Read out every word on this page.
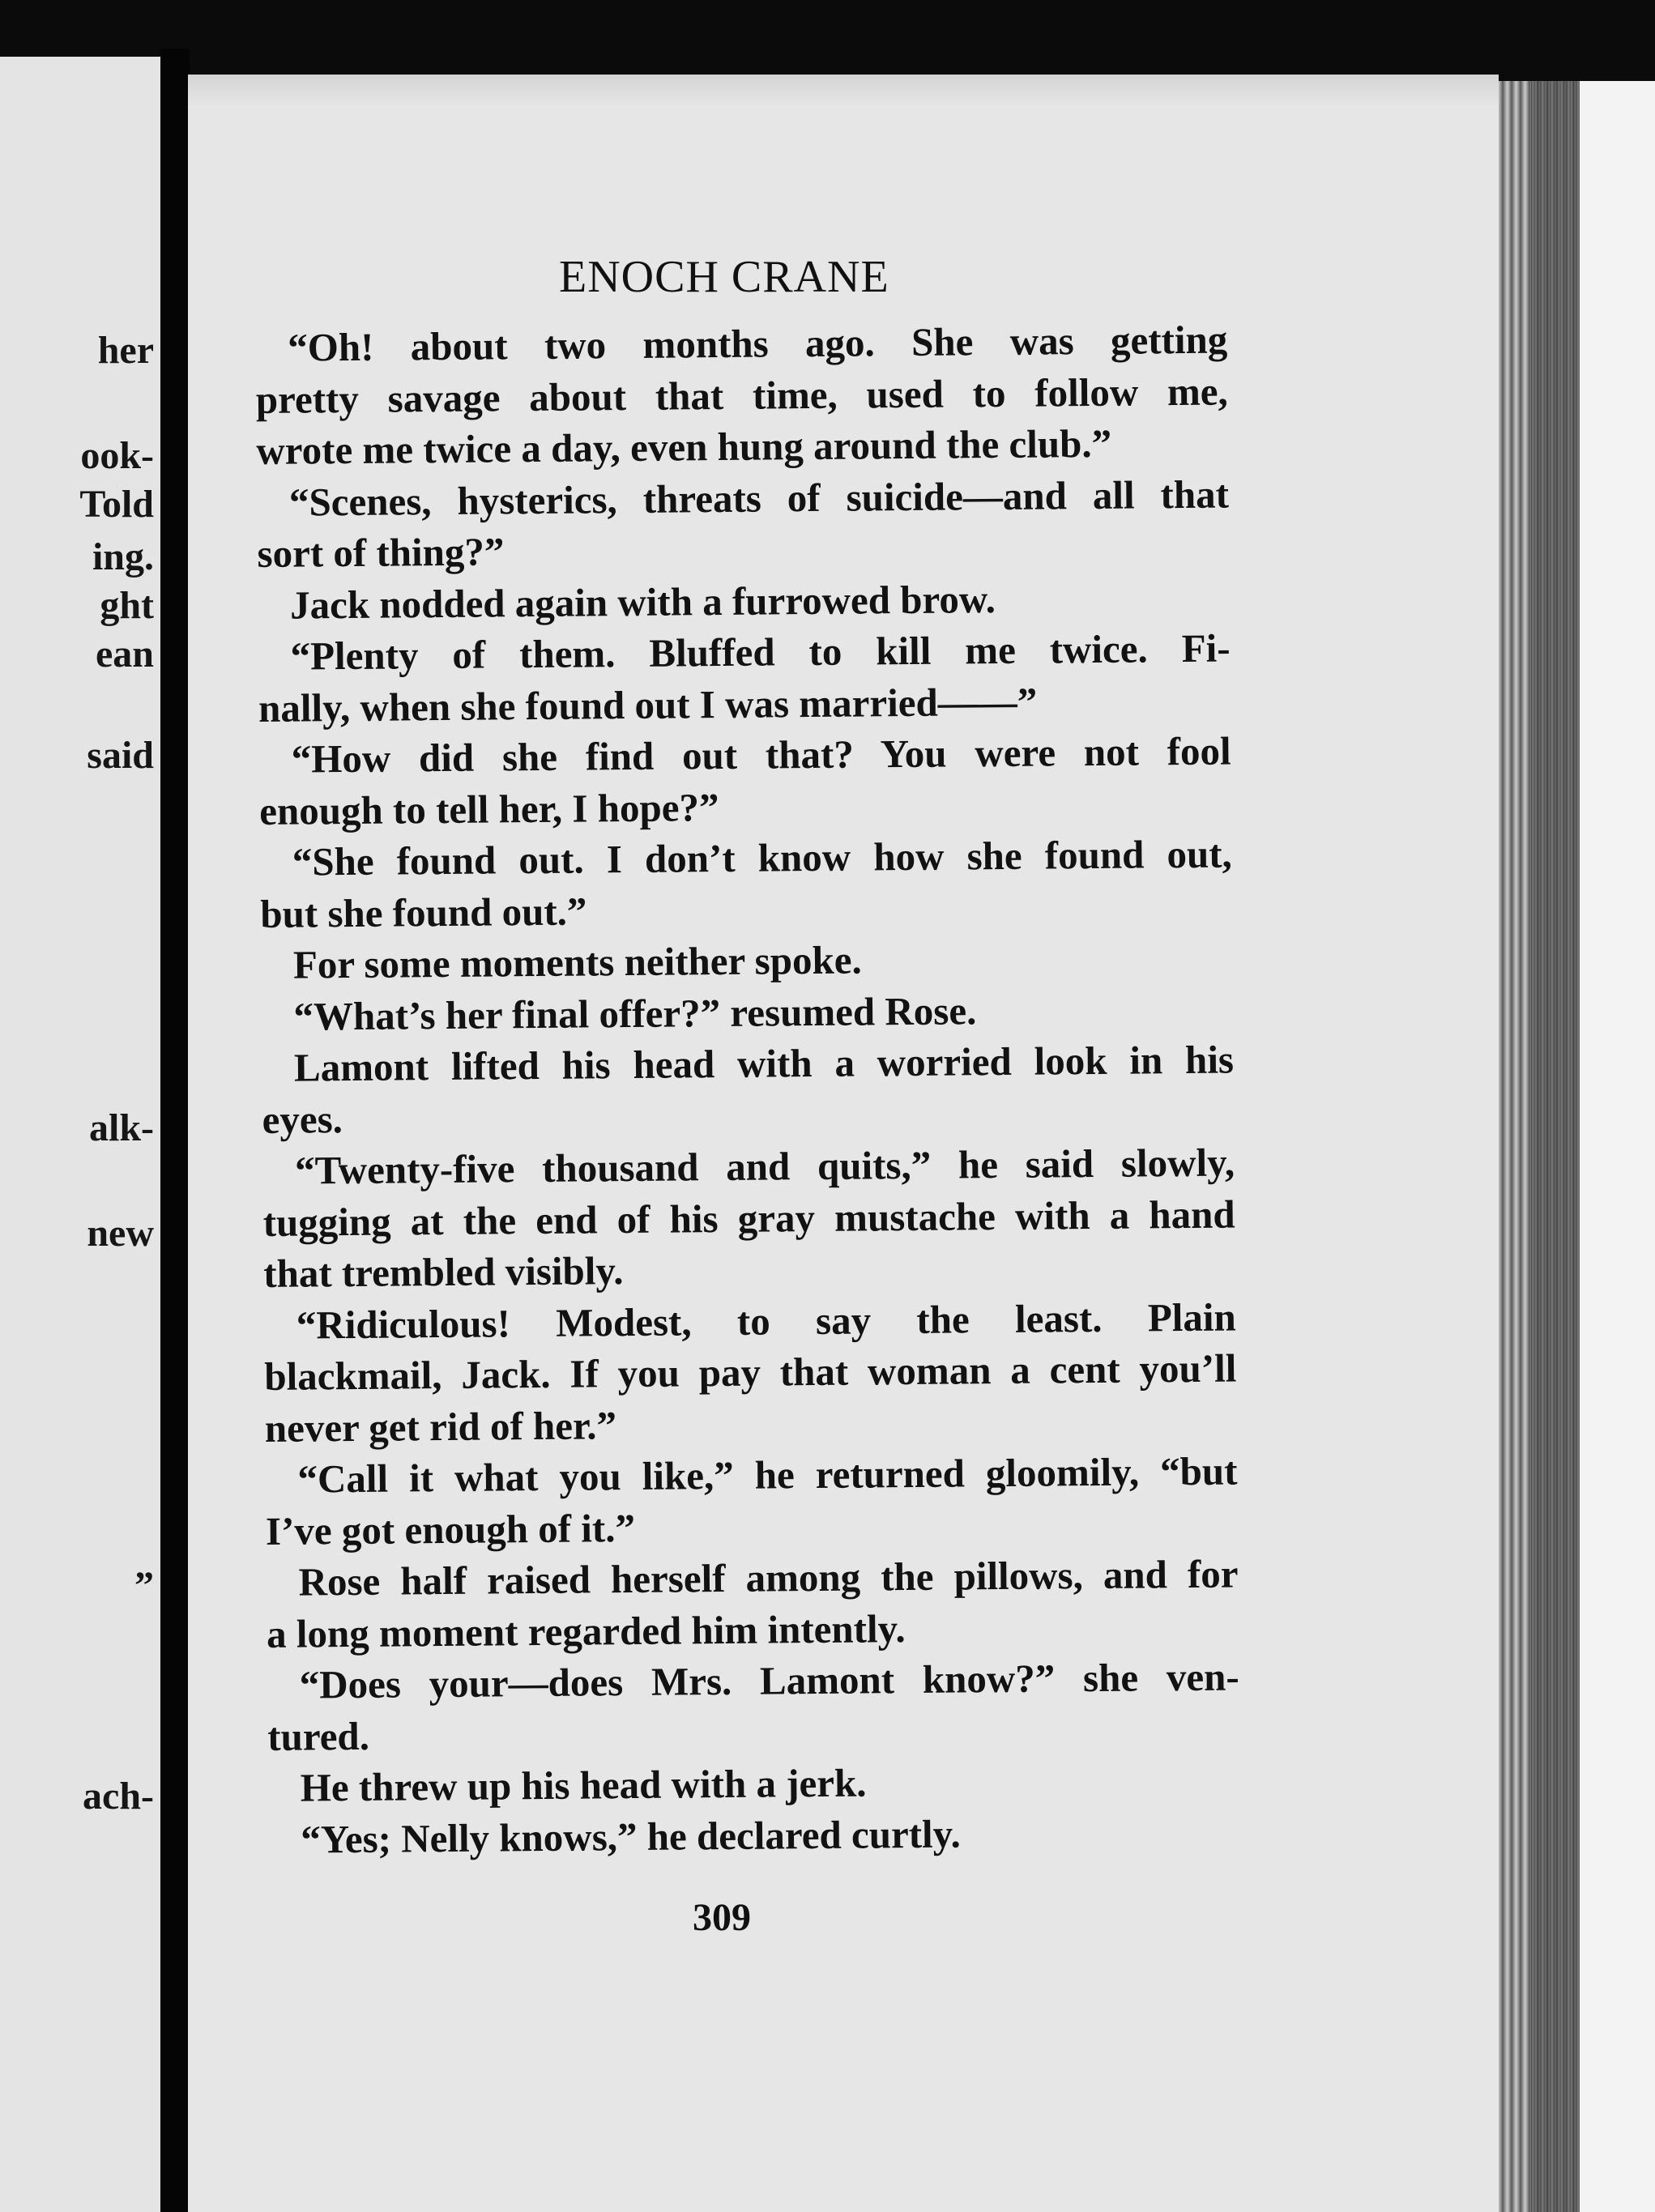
her
ook-
Told
ing.
ght
ean
said
alk-
new
”
ach-
ENOCH CRANE
“Oh! about two months ago. She was getting
pretty savage about that time, used to follow me,
wrote me twice a day, even hung around the club.”
“Scenes, hysterics, threats of suicide—and all that
sort of thing?”
Jack nodded again with a furrowed brow.
“Plenty of them. Bluffed to kill me twice. Fi-
nally, when she found out I was married——”
“How did she find out that? You were not fool
enough to tell her, I hope?”
“She found out. I don’t know how she found out,
but she found out.”
For some moments neither spoke.
“What’s her final offer?” resumed Rose.
Lamont lifted his head with a worried look in his
eyes.
“Twenty-five thousand and quits,” he said slowly,
tugging at the end of his gray mustache with a hand
that trembled visibly.
“Ridiculous! Modest, to say the least. Plain
blackmail, Jack. If you pay that woman a cent you’ll
never get rid of her.”
“Call it what you like,” he returned gloomily, “but
I’ve got enough of it.”
Rose half raised herself among the pillows, and for
a long moment regarded him intently.
“Does your—does Mrs. Lamont know?” she ven-
tured.
He threw up his head with a jerk.
“Yes; Nelly knows,” he declared curtly.
309
